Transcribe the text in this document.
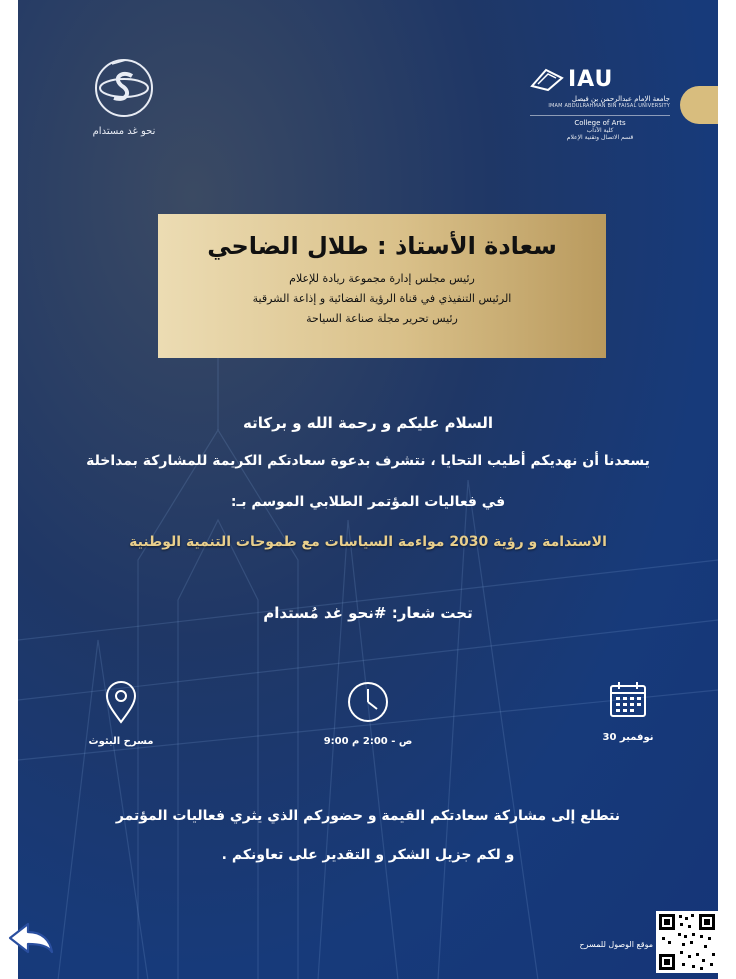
نحو غد مستدام
IAU
جامعة الإمام عبدالرحمن بن فيصل
IMAM ABDULRAHMAN BIN FAISAL UNIVERSITY
College of Arts
كلية الآداب
قسم الاتصال وتقنية الإعلام
سعادة الأستاذ : طلال الضاحي
رئيس مجلس إدارة مجموعة ريادة للإعلام
الرئيس التنفيذي في قناة الرؤية الفضائية و إذاعة الشرقية
رئيس تحرير مجلة صناعة السياحة
السلام عليكم و رحمة الله و بركاته
يسعدنا أن نهديكم أطيب التحايا ، نتشرف بدعوة سعادتكم الكريمة للمشاركة بمداخلة
في فعاليات المؤتمر الطلابي الموسم بـ:
الاستدامة و رؤية 2030 مواءمة السياسات مع طموحات التنمية الوطنية
تحت شعار: #نحو غد مُستدام
30 نوفمبر
9:00 ص - 2:00 م
مسرح البثوث
نتطلع إلى مشاركة سعادتكم القيمة و حضوركم الذي يثري فعاليات المؤتمر
و لكم جزيل الشكر و التقدير على تعاونكم .
موقع الوصول للمسرح
